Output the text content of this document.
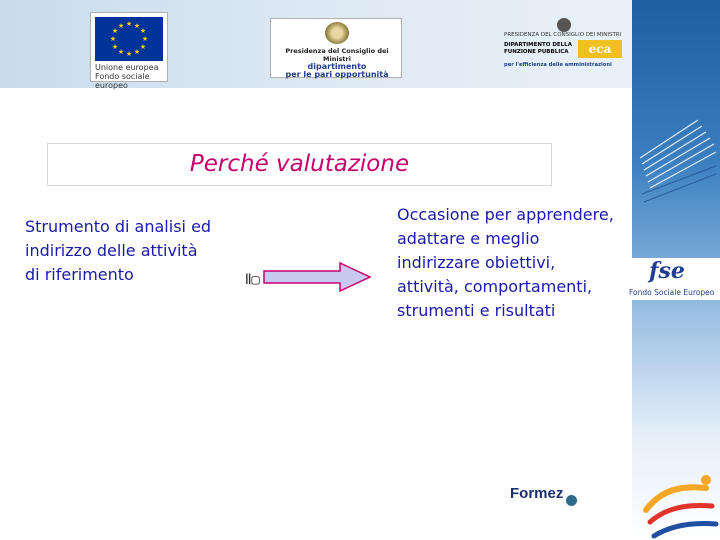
★ ★
★
★
★
★
★
★
★
★
★
★
Unione europea
Fondo sociale europeo
Presidenza del Consiglio dei Ministri
dipartimento
per le pari opportunità
PRESIDENZA DEL CONSIGLIO DEI MINISTRI
DIPARTIMENTO DELLA
FUNZIONE PUBBLICA	eca
per l'efficienza delle amministrazioni
Perché valutazione
Strumento di analisi ed indirizzo delle attività di riferimento	ǁ▢
Occasione per apprendere, adattare e meglio indirizzare obiettivi, attività, comportamenti, strumenti e risultati
fse
Fondo Sociale Europeo
Formez
